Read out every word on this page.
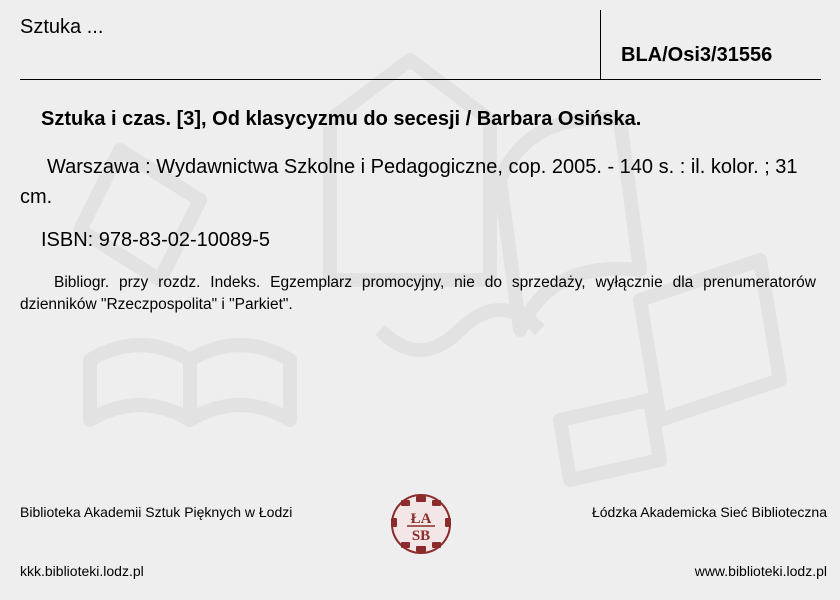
Sztuka ...
BLA/Osi3/31556
Sztuka i czas. [3], Od klasycyzmu do secesji / Barbara Osińska.
Warszawa : Wydawnictwa Szkolne i Pedagogiczne, cop. 2005. - 140 s. : il. kolor. ; 31 cm.
ISBN: 978-83-02-10089-5
Bibliogr. przy rozdz. Indeks. Egzemplarz promocyjny, nie do sprzedaży, wyłącznie dla prenumeratorów dzienników "Rzeczpospolita" i "Parkiet".
Biblioteka Akademii Sztuk Pięknych w Łodzi	Łódzka Akademicka Sieć Biblioteczna
ŁA
SB
kkk.biblioteki.lodz.pl	www.biblioteki.lodz.pl
